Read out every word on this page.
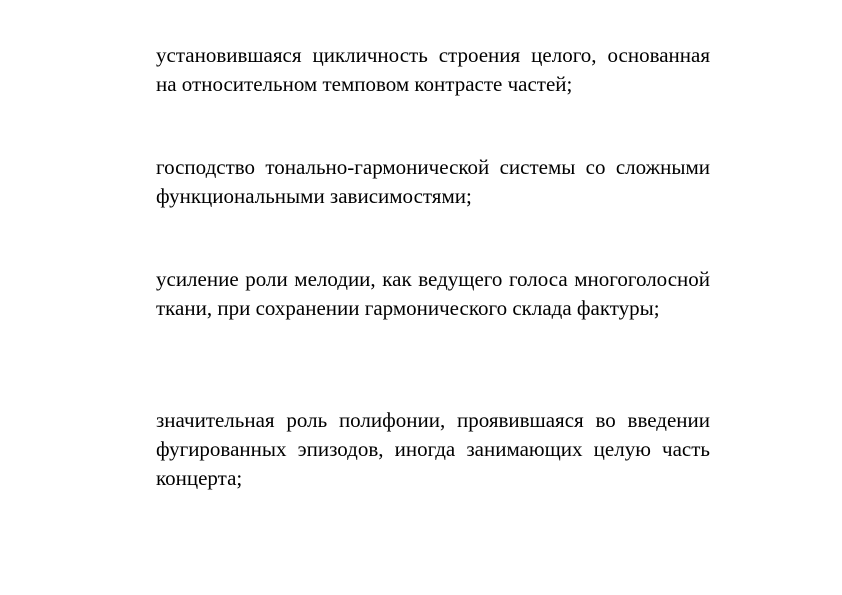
установившаяся цикличность строения целого, основанная на относительном темповом контрасте частей;

господство тонально-гармонической системы со сложными функциональными зависимостями;

усиление роли мелодии, как ведущего голоса многоголосной ткани, при сохранении гармонического склада фактуры;

значительная роль полифонии, проявившаяся во введении фугированных эпизодов, иногда занимающих целую часть концерта;
